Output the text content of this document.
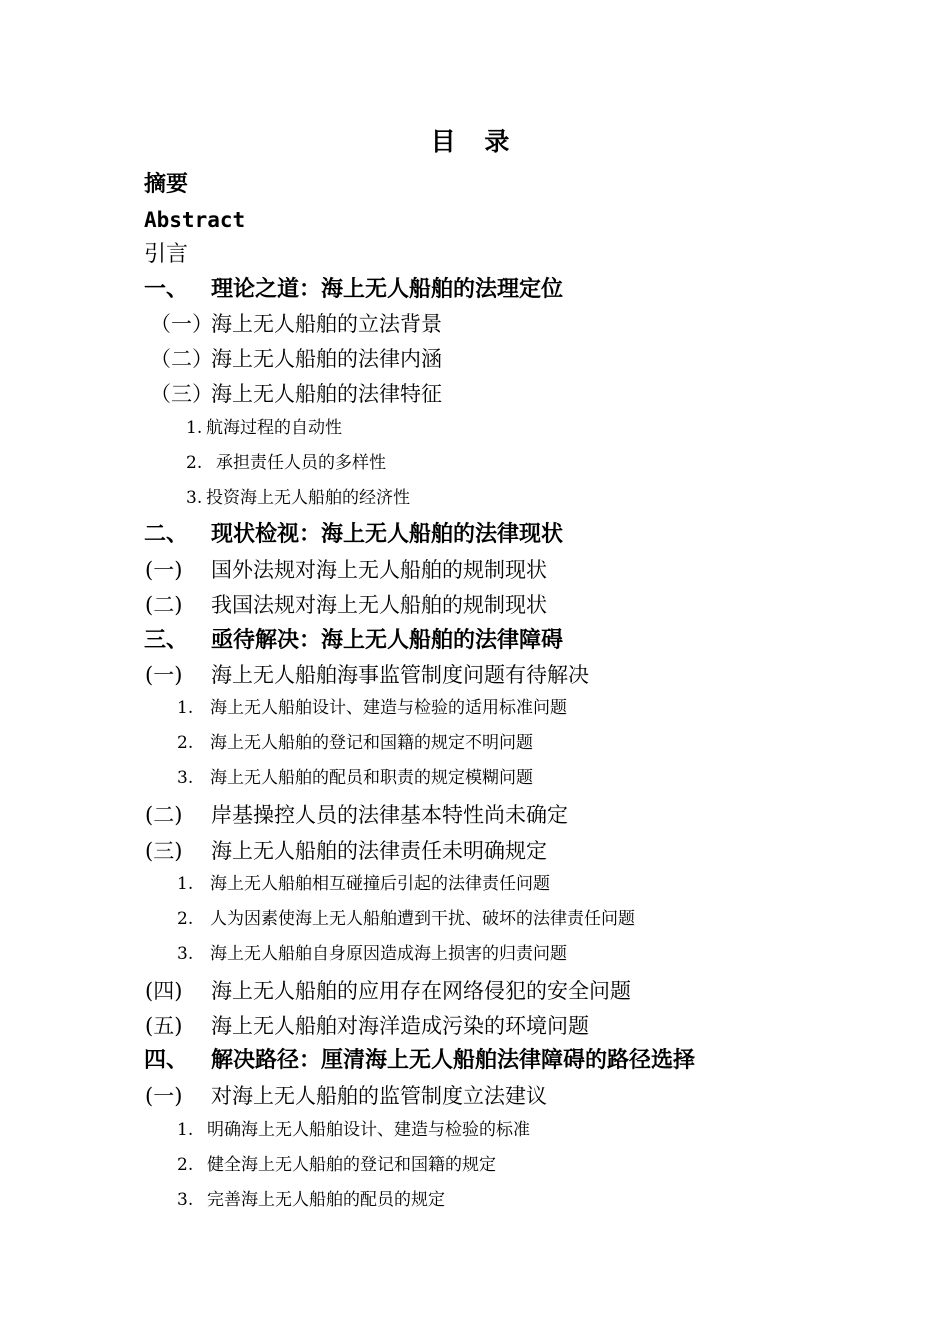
目 录
摘要
Abstract
引言
一、 理论之道：海上无人船舶的法理定位
（一）
海上无人船舶的立法背景
（二）
海上无人船舶的法律内涵
（三）
海上无人船舶的法律特征
1. 航海过程的自动性
2. 承担责任人员的多样性
3. 投资海上无人船舶的经济性
二、 现状检视：海上无人船舶的法律现状
(一) 国外法规对海上无人船舶的规制现状
(二) 我国法规对海上无人船舶的规制现状
三、 亟待解决：海上无人船舶的法律障碍
(一) 海上无人船舶海事监管制度问题有待解决
1. 海上无人船舶设计、建造与检验的适用标准问题
2. 海上无人船舶的登记和国籍的规定不明问题
3. 海上无人船舶的配员和职责的规定模糊问题
(二) 岸基操控人员的法律基本特性尚未确定
(三) 海上无人船舶的法律责任未明确规定
1. 海上无人船舶相互碰撞后引起的法律责任问题
2. 人为因素使海上无人船舶遭到干扰、破坏的法律责任问题
3. 海上无人船舶自身原因造成海上损害的归责问题
(四) 海上无人船舶的应用存在网络侵犯的安全问题
(五) 海上无人船舶对海洋造成污染的环境问题
四、 解决路径：厘清海上无人船舶法律障碍的路径选择
(一) 对海上无人船舶的监管制度立法建议
1. 明确海上无人船舶设计、建造与检验的标准
2. 健全海上无人船舶的登记和国籍的规定
3. 完善海上无人船舶的配员的规定
